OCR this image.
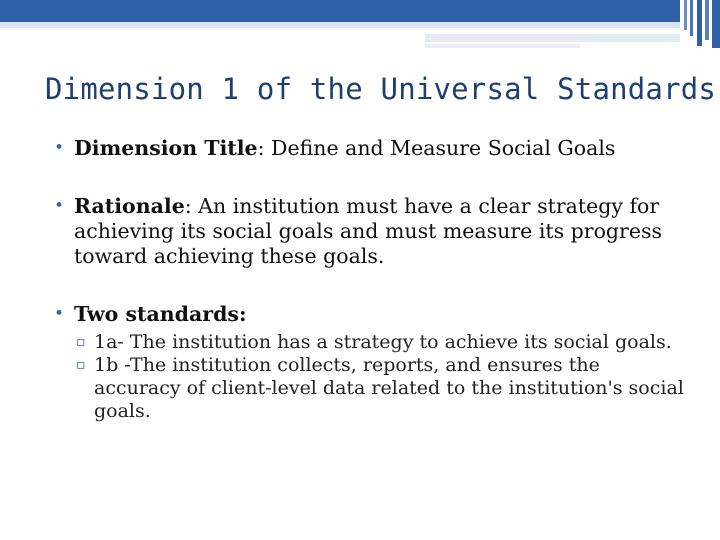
Dimension 1 of the Universal Standards
• Dimension Title: Define and Measure Social Goals
• Rationale: An institution must have a clear strategy for achieving its social goals and must measure its progress toward achieving these goals.
• Two standards:
▫ 1a- The institution has a strategy to achieve its social goals.
▫ 1b -The institution collects, reports, and ensures the accuracy of client-level data related to the institution's social goals.
